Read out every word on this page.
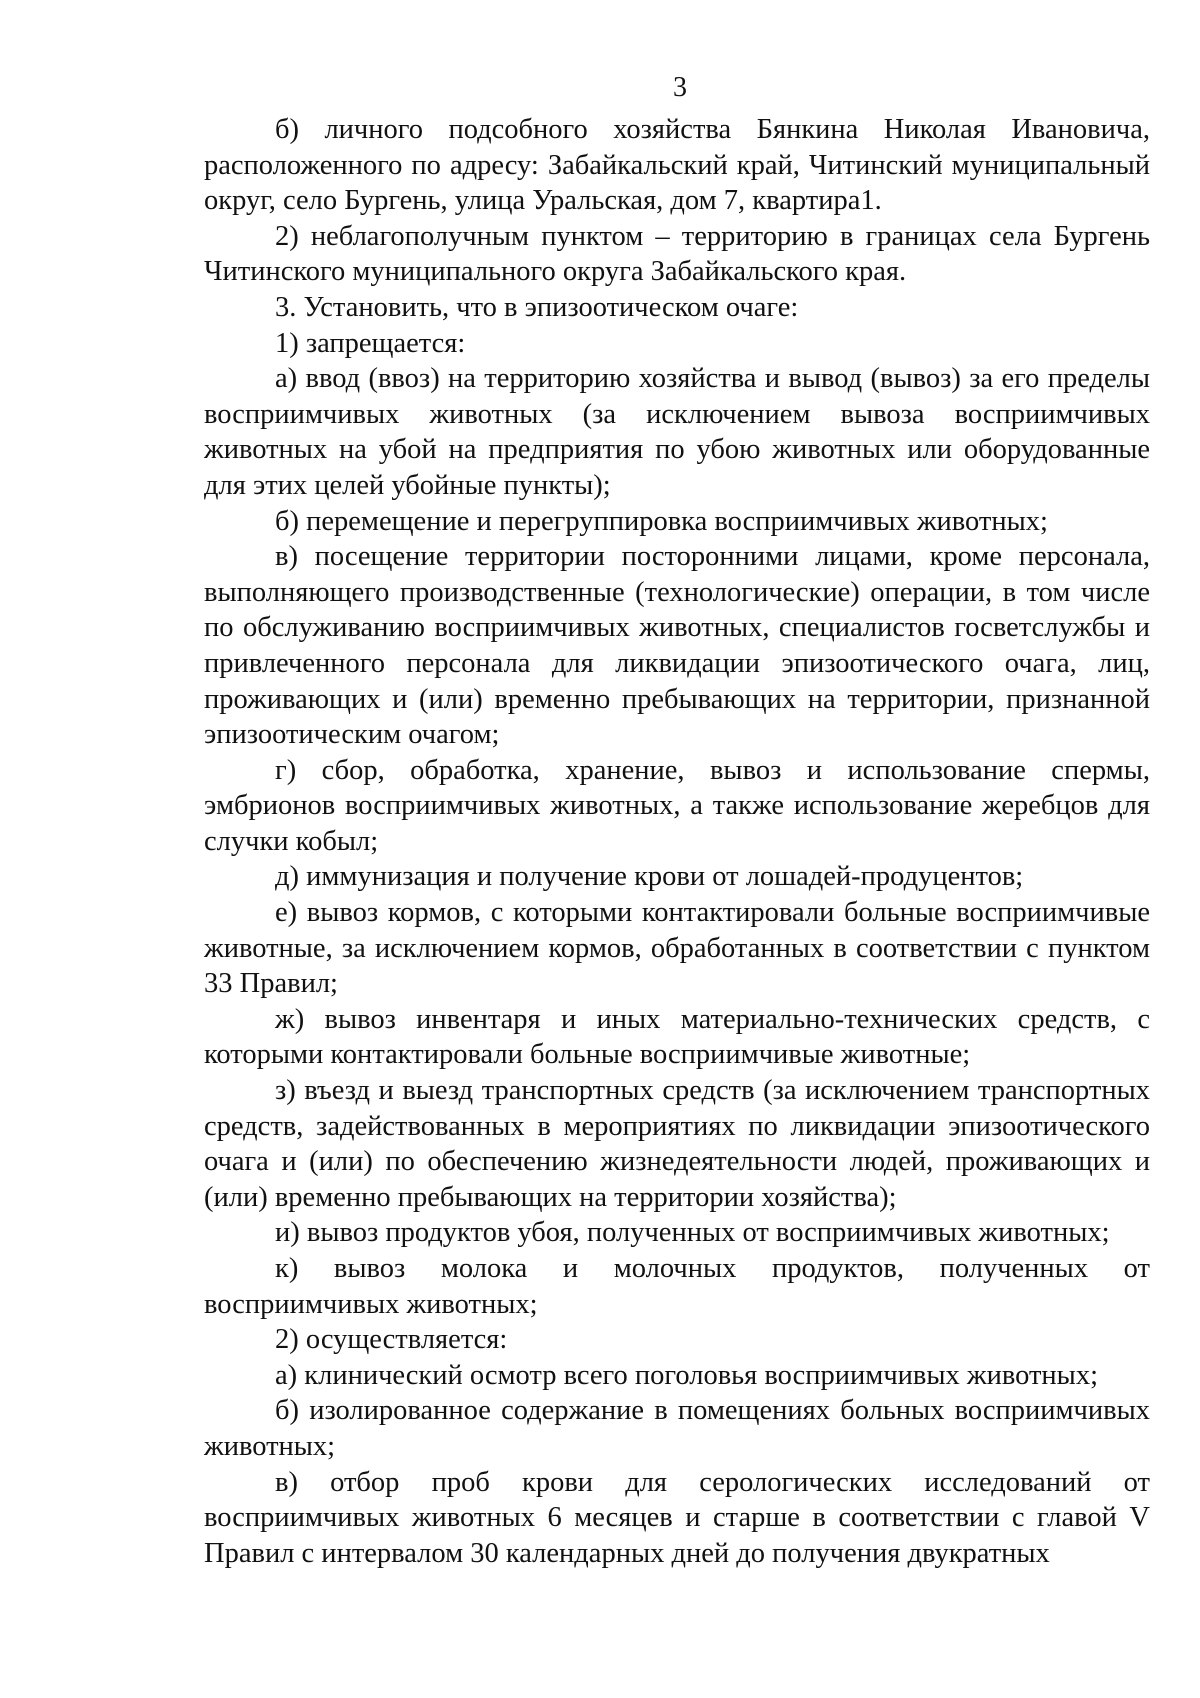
3

б) личного подсобного хозяйства Бянкина Николая Ивановича, расположенного по адресу: Забайкальский край, Читинский муниципальный округ, село Бургень, улица Уральская, дом 7, квартира1.

2) неблагополучным пунктом – территорию в границах села Бургень Читинского муниципального округа Забайкальского края.

3. Установить, что в эпизоотическом очаге:

1) запрещается:

а) ввод (ввоз) на территорию хозяйства и вывод (вывоз) за его пределы восприимчивых животных (за исключением вывоза восприимчивых животных на убой на предприятия по убою животных или оборудованные для этих целей убойные пункты);

б) перемещение и перегруппировка восприимчивых животных;

в) посещение территории посторонними лицами, кроме персонала, выполняющего производственные (технологические) операции, в том числе по обслуживанию восприимчивых животных, специалистов госветслужбы и привлеченного персонала для ликвидации эпизоотического очага, лиц, проживающих и (или) временно пребывающих на территории, признанной эпизоотическим очагом;

г) сбор, обработка, хранение, вывоз и использование спермы, эмбрионов восприимчивых животных, а также использование жеребцов для случки кобыл;

д) иммунизация и получение крови от лошадей-продуцентов;

е) вывоз кормов, с которыми контактировали больные восприимчивые животные, за исключением кормов, обработанных в соответствии с пунктом 33 Правил;

ж) вывоз инвентаря и иных материально-технических средств, с которыми контактировали больные восприимчивые животные;

з) въезд и выезд транспортных средств (за исключением транспортных средств, задействованных в мероприятиях по ликвидации эпизоотического очага и (или) по обеспечению жизнедеятельности людей, проживающих и (или) временно пребывающих на территории хозяйства);

и) вывоз продуктов убоя, полученных от восприимчивых животных;

к) вывоз молока и молочных продуктов, полученных от восприимчивых животных;

2) осуществляется:

а) клинический осмотр всего поголовья восприимчивых животных;

б) изолированное содержание в помещениях больных восприимчивых животных;

в) отбор проб крови для серологических исследований от восприимчивых животных 6 месяцев и старше в соответствии с главой V Правил с интервалом 30 календарных дней до получения двукратных
